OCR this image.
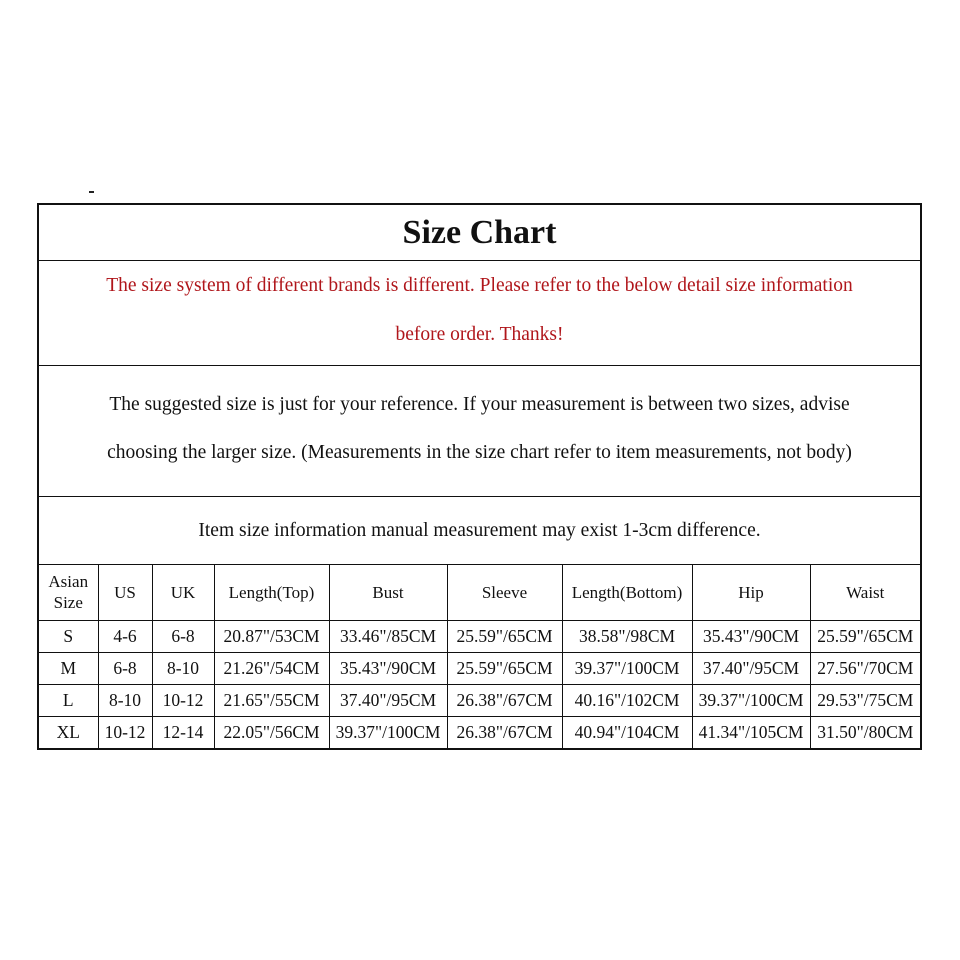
Size Chart
The size system of different brands is different. Please refer to the below detail size information
before order. Thanks!
The suggested size is just for your reference. If your measurement is between two sizes, advise
choosing the larger size. (Measurements in the size chart refer to item measurements, not body)
Item size information manual measurement may exist 1-3cm difference.
Asian Size	US	UK	Length(Top)	Bust	Sleeve	Length(Bottom)	Hip	Waist
S	4-6	6-8	20.87"/53CM	33.46"/85CM	25.59"/65CM	38.58"/98CM	35.43"/90CM	25.59"/65CM
M	6-8	8-10	21.26"/54CM	35.43"/90CM	25.59"/65CM	39.37"/100CM	37.40"/95CM	27.56"/70CM
L	8-10	10-12	21.65"/55CM	37.40"/95CM	26.38"/67CM	40.16"/102CM	39.37"/100CM	29.53"/75CM
XL	10-12	12-14	22.05"/56CM	39.37"/100CM	26.38"/67CM	40.94"/104CM	41.34"/105CM	31.50"/80CM
